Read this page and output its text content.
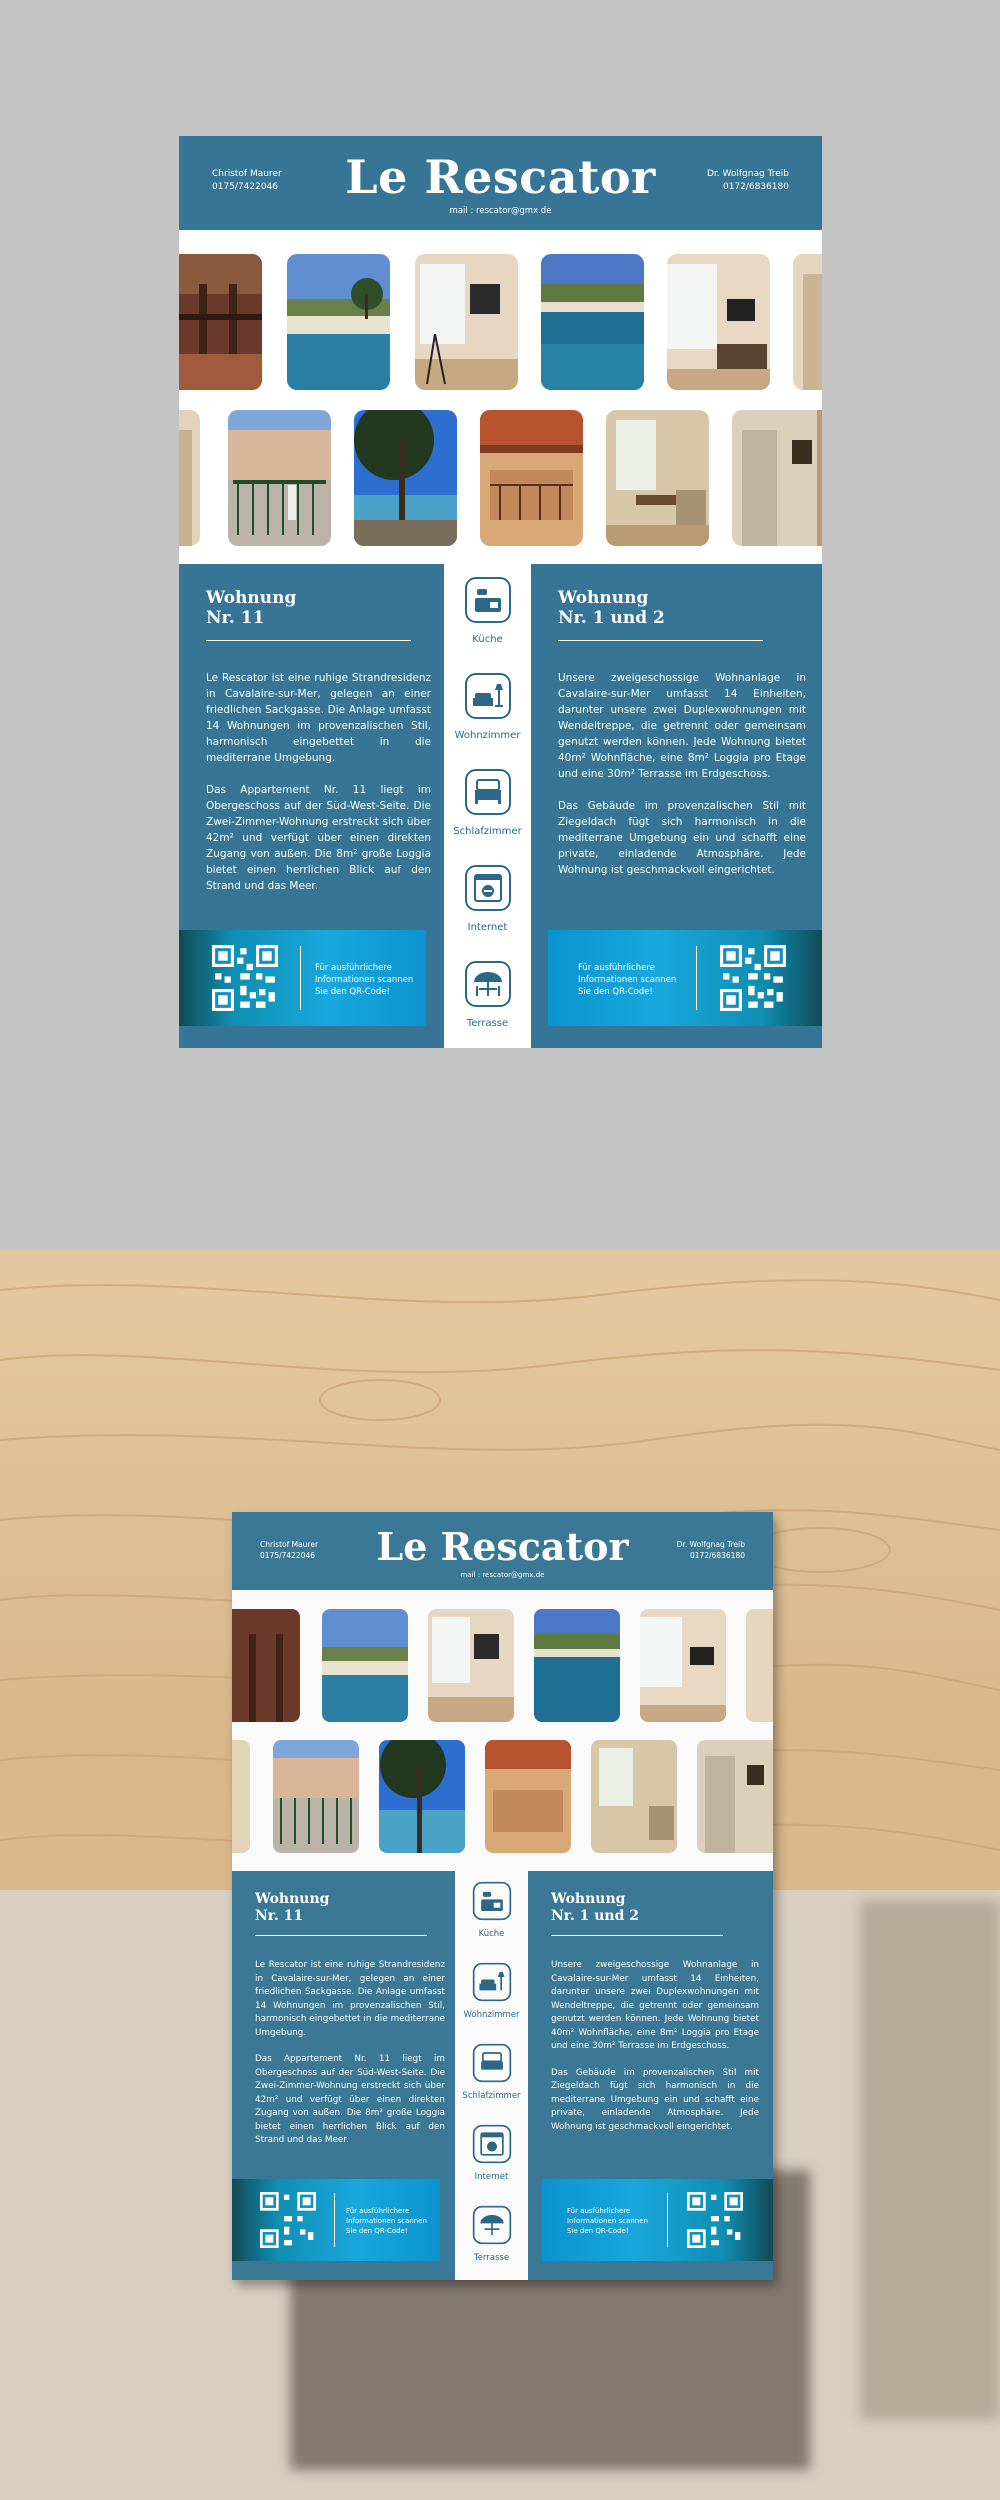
Christof Maurer
0175/7422046	Le Rescator	Dr. Wolfgnag Treib
0172/6836180
mail : rescator@gmx.de
Wohnung
Nr. 11

Le Rescator ist eine ruhige Strandresidenz in Cavalaire-sur-Mer, gelegen an einer friedlichen Sackgasse. Die Anlage umfasst 14 Wohnungen im provenzalischen Stil, harmonisch eingebettet in die mediterrane Umgebung.

Das Appartement Nr. 11 liegt im Obergeschoss auf der Süd-West-Seite. Die Zwei-Zimmer-Wohnung erstreckt sich über 42m² und verfügt über einen direkten Zugang von außen. Die 8m² große Loggia bietet einen herrlichen Blick auf den Strand und das Meer.

Für ausführlichere Informationen scannen Sie den QR-Code!
Küche
Wohnzimmer
Schlafzimmer
Internet
Terrasse
Wohnung
Nr. 1 und 2

Unsere zweigeschossige Wohnanlage in Cavalaire-sur-Mer umfasst 14 Einheiten, darunter unsere zwei Duplexwohnungen mit Wendeltreppe, die getrennt oder gemeinsam genutzt werden können. Jede Wohnung bietet 40m² Wohnfläche, eine 8m² Loggia pro Etage und eine 30m² Terrasse im Erdgeschoss.

Das Gebäude im provenzalischen Stil mit Ziegeldach fügt sich harmonisch in die mediterrane Umgebung ein und schafft eine private, einladende Atmosphäre. Jede Wohnung ist geschmackvoll eingerichtet.

Für ausführlichere Informationen scannen Sie den QR-Code!
Christof Maurer
0175/7422046	Le Rescator	Dr. Wolfgnag Treib
0172/6836180
mail : rescator@gmx.de
Wohnung
Nr. 11

Le Rescator ist eine ruhige Strandresidenz in Cavalaire-sur-Mer, gelegen an einer friedlichen Sackgasse. Die Anlage umfasst 14 Wohnungen im provenzalischen Stil, harmonisch eingebettet in die mediterrane Umgebung.

Das Appartement Nr. 11 liegt im Obergeschoss auf der Süd-West-Seite. Die Zwei-Zimmer-Wohnung erstreckt sich über 42m² und verfügt über einen direkten Zugang von außen. Die 8m² große Loggia bietet einen herrlichen Blick auf den Strand und das Meer.

Für ausführlichere Informationen scannen Sie den QR-Code!
Küche
Wohnzimmer
Schlafzimmer
Internet
Terrasse
Wohnung
Nr. 1 und 2

Unsere zweigeschossige Wohnanlage in Cavalaire-sur-Mer umfasst 14 Einheiten, darunter unsere zwei Duplexwohnungen mit Wendeltreppe, die getrennt oder gemeinsam genutzt werden können. Jede Wohnung bietet 40m² Wohnfläche, eine 8m² Loggia pro Etage und eine 30m² Terrasse im Erdgeschoss.

Das Gebäude im provenzalischen Stil mit Ziegeldach fügt sich harmonisch in die mediterrane Umgebung ein und schafft eine private, einladende Atmosphäre. Jede Wohnung ist geschmackvoll eingerichtet.

Für ausführlichere Informationen scannen Sie den QR-Code!
